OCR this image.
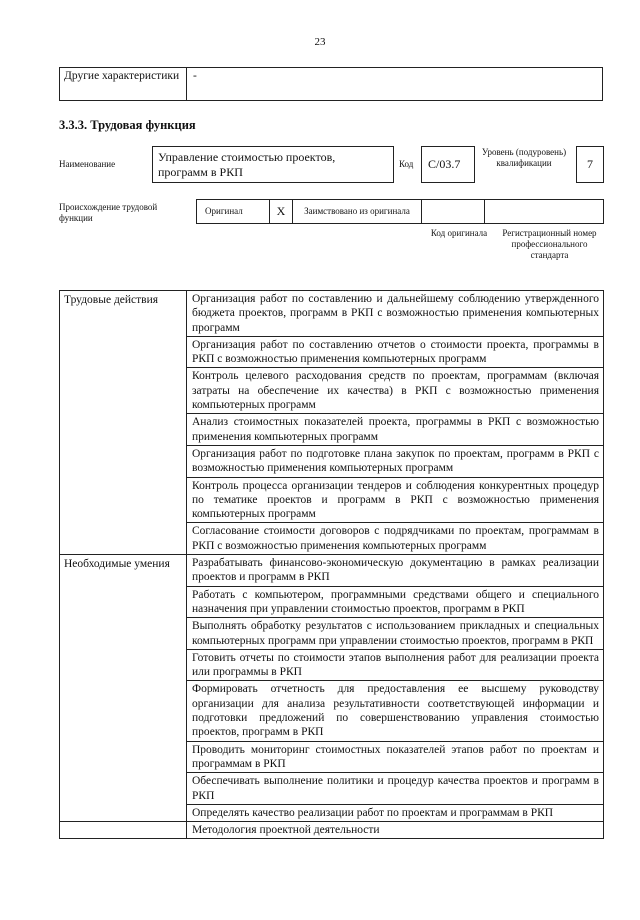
23
Другие характеристики	-
3.3.3. Трудовая функция
Наименование	Управление стоимостью проектов, программ в РКП
Код	C/03.7
Уровень (подуровень) квалификации	7
Происхождение трудовой функции
Оригинал	X	Заимствовано из оригинала		
Код оригинала	Регистрационный номер профессионального стандарта
Трудовые действия	Организация работ по составлению и дальнейшему соблюдению утвержденного бюджета проектов, программ в РКП с возможностью применения компьютерных программ
	Организация работ по составлению отчетов о стоимости проекта, программы в РКП с возможностью применения компьютерных программ
	Контроль целевого расходования средств по проектам, программам (включая затраты на обеспечение их качества) в РКП с возможностью применения компьютерных программ
	Анализ стоимостных показателей проекта, программы в РКП с возможностью применения компьютерных программ
	Организация работ по подготовке плана закупок по проектам, программ в РКП с возможностью применения компьютерных программ
	Контроль процесса организации тендеров и соблюдения конкурентных процедур по тематике проектов и программ в РКП с возможностью применения компьютерных программ
	Согласование стоимости договоров с подрядчиками по проектам, программам в РКП с возможностью применения компьютерных программ
Необходимые умения	Разрабатывать финансово-экономическую документацию в рамках реализации проектов и программ в РКП
	Работать с компьютером, программными средствами общего и специального назначения при управлении стоимостью проектов, программ в РКП
	Выполнять обработку результатов с использованием прикладных и специальных компьютерных программ при управлении стоимостью проектов, программ в РКП
	Готовить отчеты по стоимости этапов выполнения работ для реализации проекта или программы в РКП
	Формировать отчетность для предоставления ее высшему руководству организации для анализа результативности соответствующей информации и подготовки предложений по совершенствованию управления стоимостью проектов, программ в РКП
	Проводить мониторинг стоимостных показателей этапов работ по проектам и программам в РКП
	Обеспечивать выполнение политики и процедур качества проектов и программ в РКП
	Определять качество реализации работ по проектам и программам в РКП
	Методология проектной деятельности
